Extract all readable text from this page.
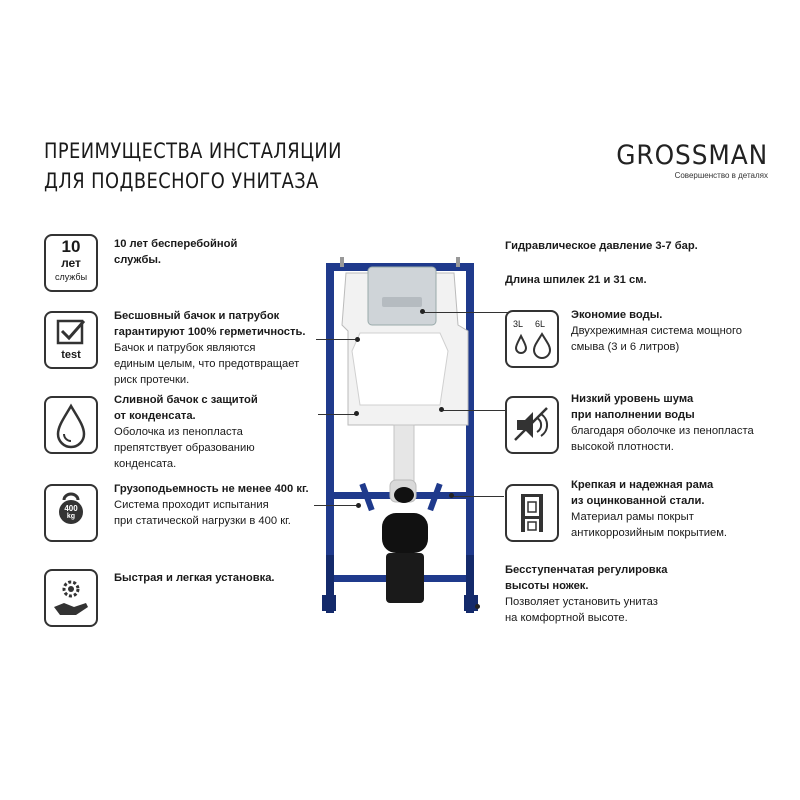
ПРЕИМУЩЕСТВА ИНСТАЛЯЦИИ
ДЛЯ ПОДВЕСНОГО УНИТАЗА
GROSSMAN
Совершенство в деталях
10
лет
службы
10 лет бесперебойной службы.
test
Бесшовный бачок и патрубок
гарантируют 100% герметичность.
Бачок и патрубок являются
единым целым, что предотвращает
риск протечки.
Сливной бачок с защитой
от конденсата.
Оболочка из пенопласта
препятствует образованию
конденсата.
400
kg
Грузоподьемность не менее 400 кг.
Система проходит испытания
при статической нагрузки в 400 кг.
Быстрая и легкая установка.
Гидравлическое давление 3-7 бар.
Длина шпилек 21 и 31 см.
3L 6L
Экономие воды.
Двухрежимная система мощного
смыва (3 и 6 литров)
Низкий уровень шума
при наполнении воды
благодаря оболочке из пенопласта
высокой плотности.
Крепкая и надежная рама
из оцинкованной стали.
Материал рамы покрыт
антикоррозийным покрытием.
Бесступенчатая регулировка
высоты ножек.
Позволяет установить унитаз
на комфортной высоте.
